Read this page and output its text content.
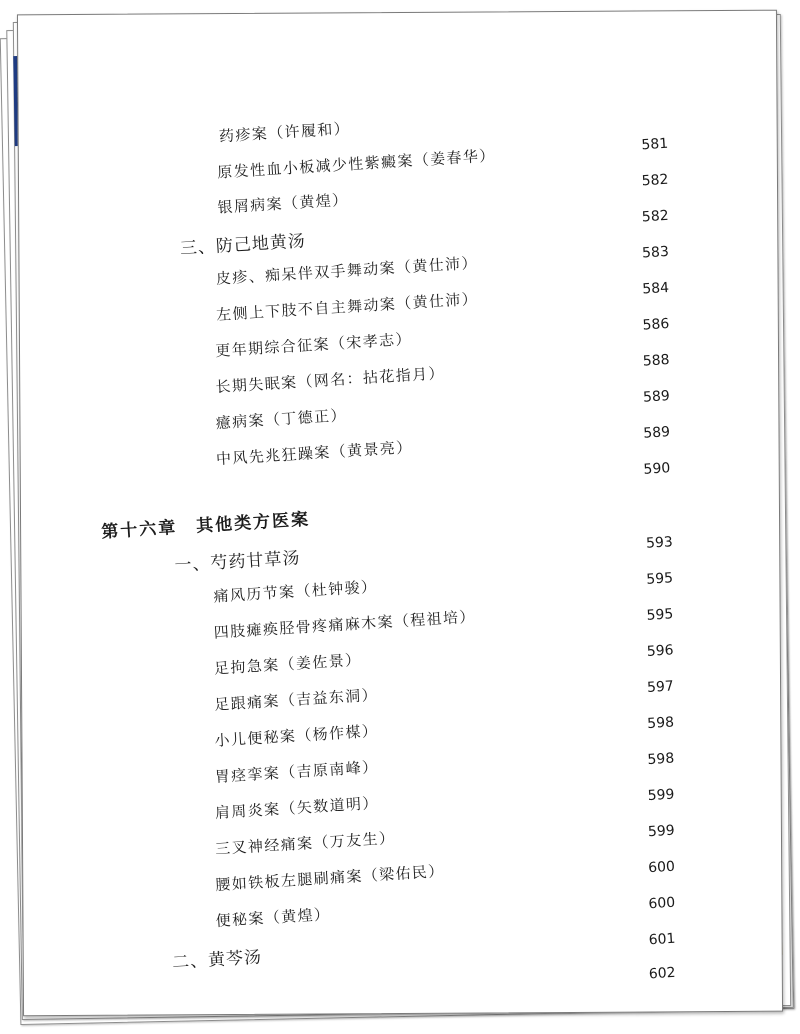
药疹案（许履和）
原发性血小板减少性紫癜案（姜春华）
银屑病案（黄煌）
三、防己地黄汤
皮疹、痴呆伴双手舞动案（黄仕沛）
左侧上下肢不自主舞动案（黄仕沛）
更年期综合征案（宋孝志）
长期失眠案（网名：拈花指月）
癔病案（丁德正）
中风先兆狂躁案（黄景亮）
第十六章　其他类方医案
一、芍药甘草汤
痛风历节案（杜钟骏）
四肢瘫痪胫骨疼痛麻木案（程祖培）
足拘急案（姜佐景）
足跟痛案（吉益东洞）
小儿便秘案（杨作楳）
胃痉挛案（吉原南峰）
肩周炎案（矢数道明）
三叉神经痛案（万友生）
腰如铁板左腿刷痛案（梁佑民）
便秘案（黄煌）
二、黄芩汤
581
582
582
583
584
586
588
589
589
590
593
595
595
596
597
598
598
599
599
600
600
601
602
